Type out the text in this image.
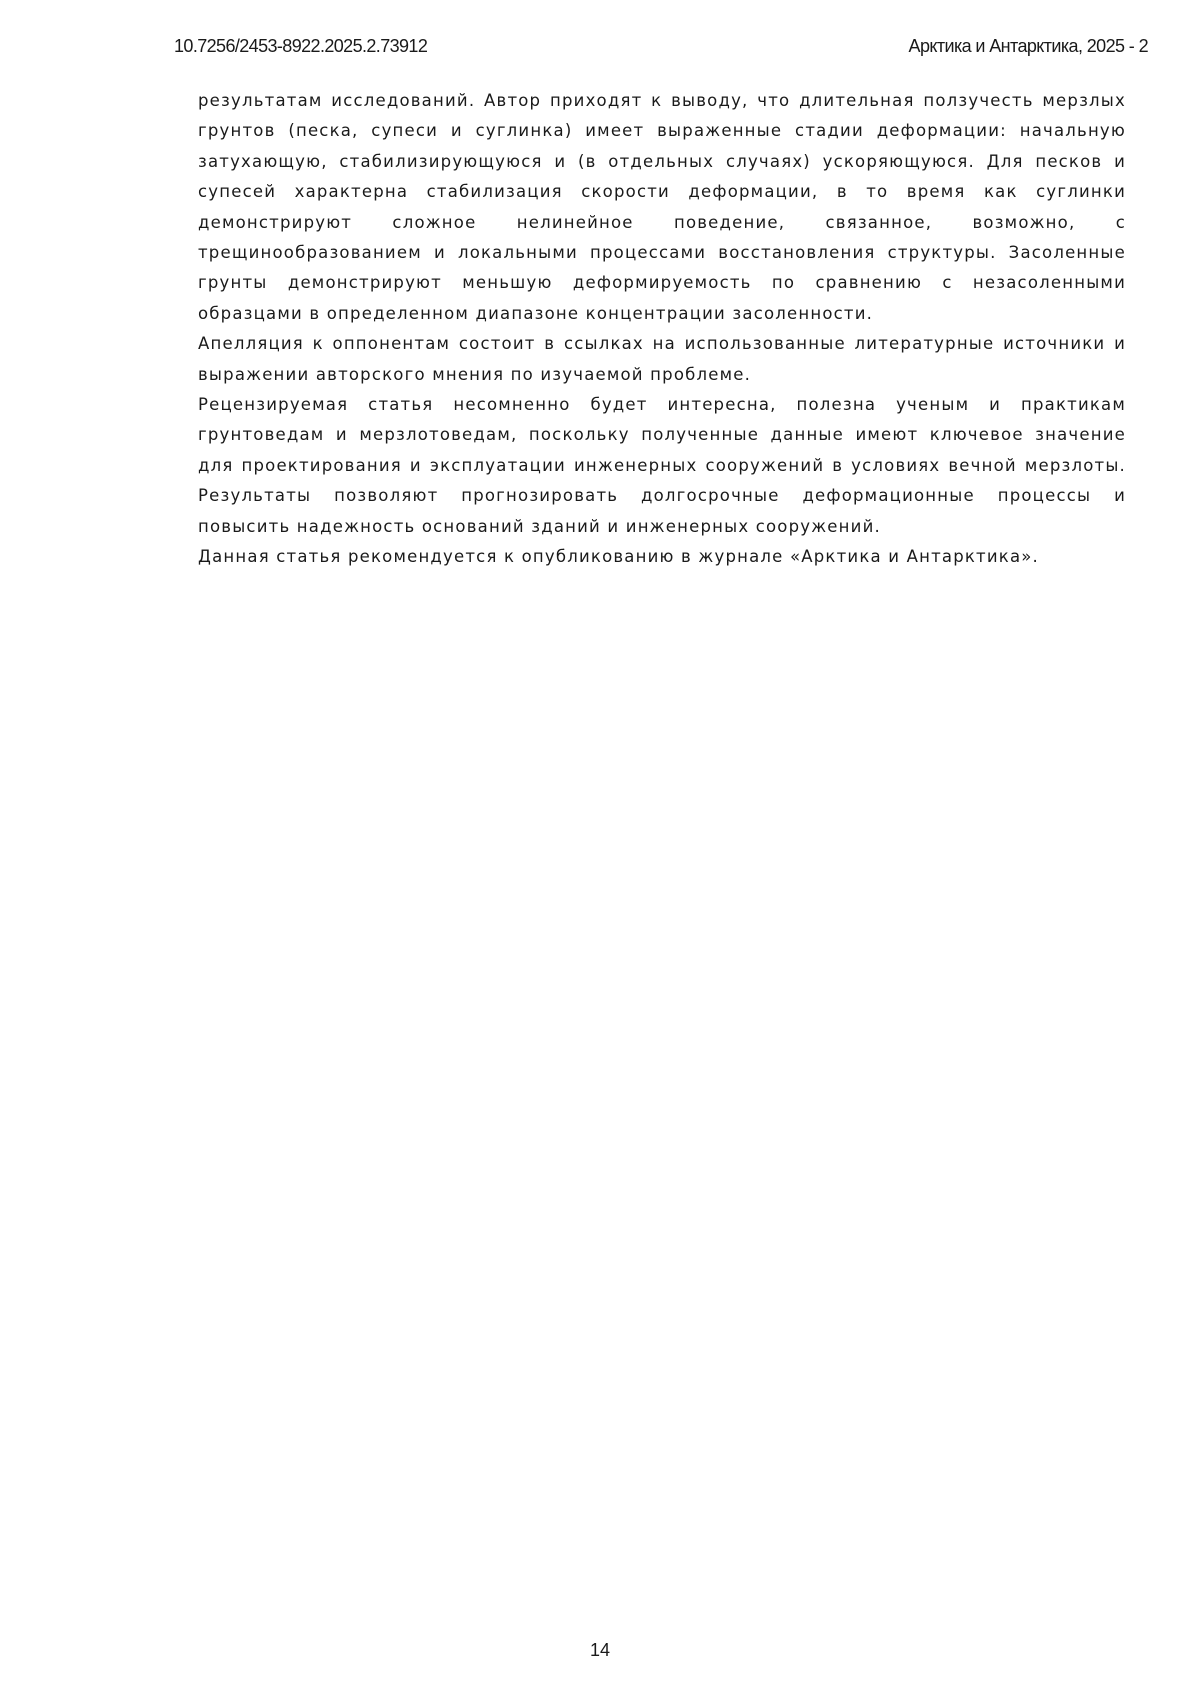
10.7256/2453-8922.2025.2.73912	Арктика и Антарктика, 2025 - 2

результатам исследований. Автор приходят к выводу, что длительная ползучесть мерзлых грунтов (песка, супеси и суглинка) имеет выраженные стадии деформации: начальную затухающую, стабилизирующуюся и (в отдельных случаях) ускоряющуюся. Для песков и супесей характерна стабилизация скорости деформации, в то время как суглинки демонстрируют сложное нелинейное поведение, связанное, возможно, с трещинообразованием и локальными процессами восстановления структуры. Засоленные грунты демонстрируют меньшую деформируемость по сравнению с незасоленными образцами в определенном диапазоне концентрации засоленности.

Апелляция к оппонентам состоит в ссылках на использованные литературные источники и выражении авторского мнения по изучаемой проблеме.

Рецензируемая статья несомненно будет интересна, полезна ученым и практикам грунтоведам и мерзлотоведам, поскольку полученные данные имеют ключевое значение для проектирования и эксплуатации инженерных сооружений в условиях вечной мерзлоты. Результаты позволяют прогнозировать долгосрочные деформационные процессы и повысить надежность оснований зданий и инженерных сооружений.

Данная статья рекомендуется к опубликованию в журнале «Арктика и Антарктика».

14
